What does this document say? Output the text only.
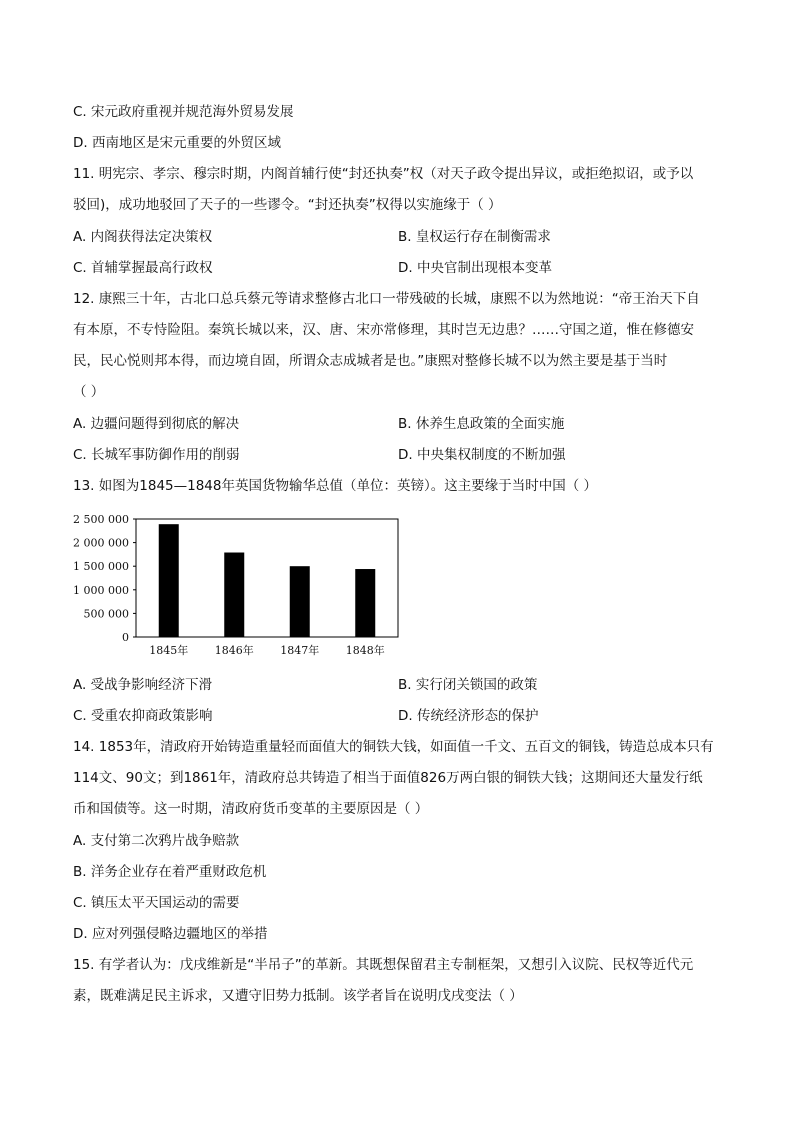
C. 宋元政府重视并规范海外贸易发展
D. 西南地区是宋元重要的外贸区域
11. 明宪宗、孝宗、穆宗时期，内阁首辅行使“封还执奏”权（对天子政令提出异议，或拒绝拟诏，或予以
驳回)，成功地驳回了天子的一些谬令。“封还执奏”权得以实施缘于（ ）
A. 内阁获得法定决策权	B. 皇权运行存在制衡需求
C. 首辅掌握最高行政权	D. 中央官制出现根本变革
12. 康熙三十年，古北口总兵蔡元等请求整修古北口一带残破的长城，康熙不以为然地说：“帝王治天下自
有本原，不专恃险阻。秦筑长城以来，汉、唐、宋亦常修理，其时岂无边患？……守国之道，惟在修德安
民，民心悦则邦本得，而边境自固，所谓众志成城者是也。”康熙对整修长城不以为然主要是基于当时
（ ）
A. 边疆问题得到彻底的解决	B. 休养生息政策的全面实施
C. 长城军事防御作用的削弱	D. 中央集权制度的不断加强
13. 如图为1845—1848年英国货物输华总值（单位：英镑）。这主要缘于当时中国（ ）
0
500 000
1 000 000
1 500 000
2 000 000
2 500 000
1845年 1846年 1847年 1848年
A. 受战争影响经济下滑	B. 实行闭关锁国的政策
C. 受重农抑商政策影响	D. 传统经济形态的保护
14. 1853年，清政府开始铸造重量轻而面值大的铜铁大钱，如面值一千文、五百文的铜钱，铸造总成本只有
114文、90文；到1861年，清政府总共铸造了相当于面值826万两白银的铜铁大钱；这期间还大量发行纸
币和国债等。这一时期，清政府货币变革的主要原因是（ ）
A. 支付第二次鸦片战争赔款
B. 洋务企业存在着严重财政危机
C. 镇压太平天国运动的需要
D. 应对列强侵略边疆地区的举措
15. 有学者认为：戊戌维新是“半吊子”的革新。其既想保留君主专制框架，又想引入议院、民权等近代元
素，既难满足民主诉求，又遭守旧势力抵制。该学者旨在说明戊戌变法（ ）
